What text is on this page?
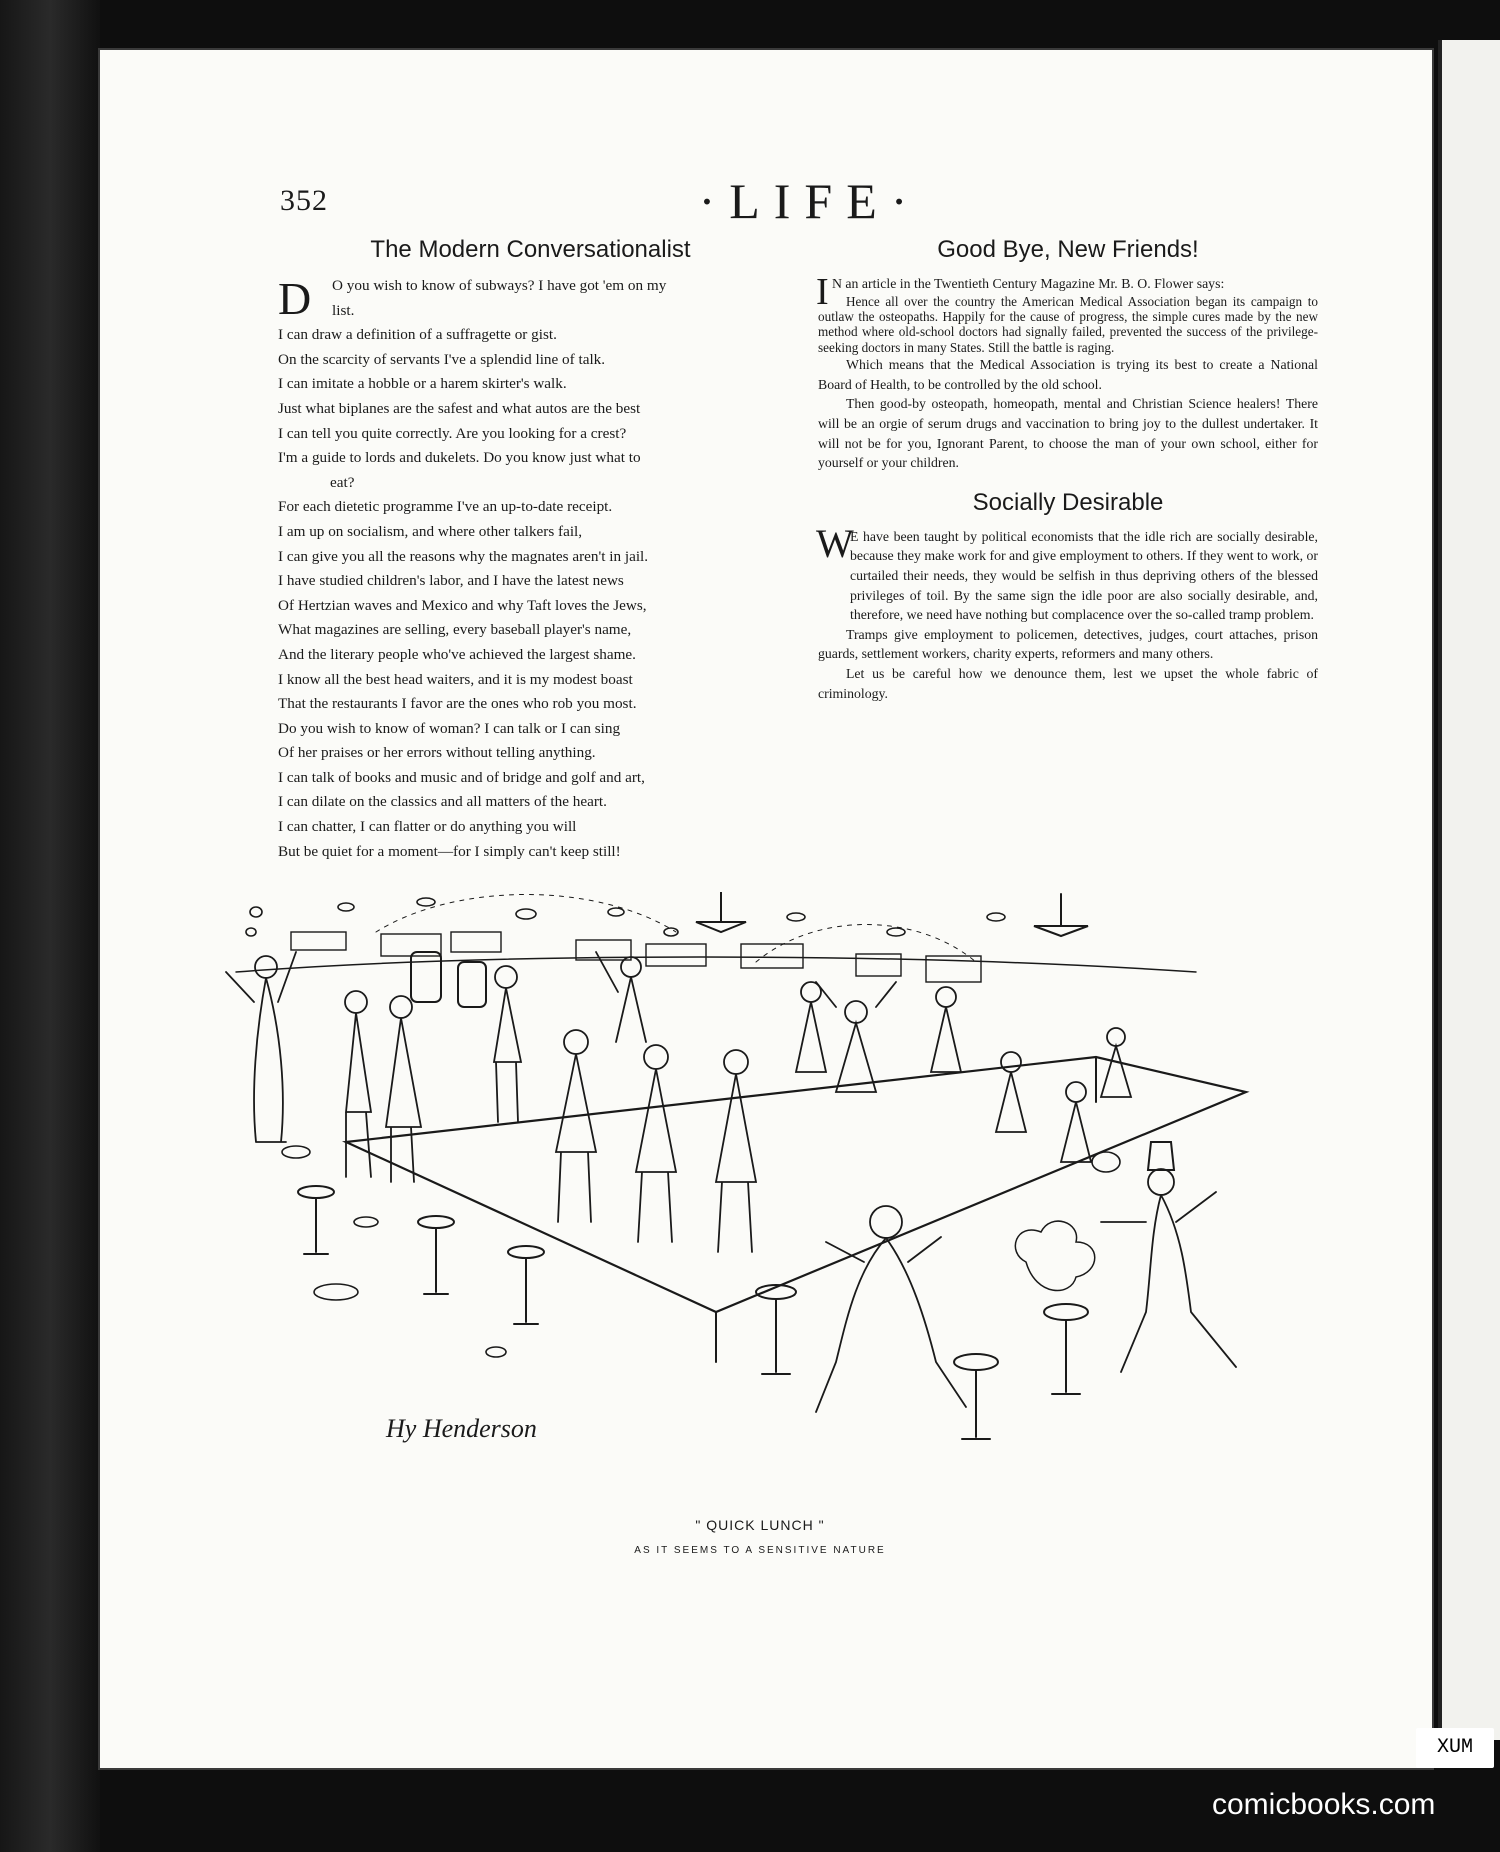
352	·LIFE·
The Modern Conversationalist
D	O you wish to know of subways? I have got 'em on my
list.
I can draw a definition of a suffragette or gist.
On the scarcity of servants I've a splendid line of talk.
I can imitate a hobble or a harem skirter's walk.
Just what biplanes are the safest and what autos are the best
I can tell you quite correctly. Are you looking for a crest?
I'm a guide to lords and dukelets. Do you know just what to
eat?
For each dietetic programme I've an up-to-date receipt.
I am up on socialism, and where other talkers fail,
I can give you all the reasons why the magnates aren't in jail.
I have studied children's labor, and I have the latest news
Of Hertzian waves and Mexico and why Taft loves the Jews,
What magazines are selling, every baseball player's name,
And the literary people who've achieved the largest shame.
I know all the best head waiters, and it is my modest boast
That the restaurants I favor are the ones who rob you most.
Do you wish to know of woman? I can talk or I can sing
Of her praises or her errors without telling anything.
I can talk of books and music and of bridge and golf and art,
I can dilate on the classics and all matters of the heart.
I can chatter, I can flatter or do anything you will
But be quiet for a moment—for I simply can't keep still!
Good Bye, New Friends!
I N an article in the Twentieth Century Magazine Mr. B. O. Flower says:

Hence all over the country the American Medical Association began its campaign to outlaw the osteopaths. Happily for the cause of progress, the simple cures made by the new method where old-school doctors had signally failed, prevented the success of the privilege-seeking doctors in many States. Still the battle is raging.

Which means that the Medical Association is trying its best to create a National Board of Health, to be controlled by the old school.

Then good-by osteopath, homeopath, mental and Christian Science healers! There will be an orgie of serum drugs and vaccination to bring joy to the dullest undertaker. It will not be for you, Ignorant Parent, to choose the man of your own school, either for yourself or your children.

Socially Desirable
W

E have been taught by political economists that the idle rich are socially desirable, because they make work for and give employment to others. If they went to work, or curtailed their needs, they would be selfish in thus depriving others of the blessed privileges of toil. By the same sign the idle poor are also socially desirable, and, therefore, we need have nothing but complacence over the so-called tramp problem.

Tramps give employment to policemen, detectives, judges, court attaches, prison guards, settlement workers, charity experts, reformers and many others.

Let us be careful how we denounce them, lest we upset the whole fabric of criminology.

Hy Henderson
" QUICK LUNCH "
AS IT SEEMS TO A SENSITIVE NATURE
XUM
comicbooks.com
